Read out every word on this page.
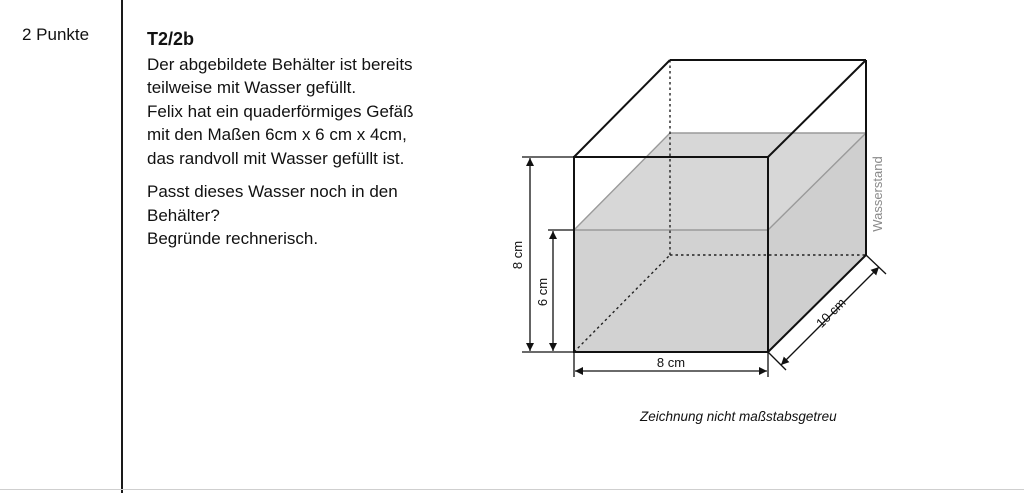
2 Punkte	T2/2b

Der abgebildete Behälter ist bereits
teilweise mit Wasser gefüllt.
Felix hat ein quaderförmiges Gefäß
mit den Maßen 6cm x 6 cm x 4cm,
das randvoll mit Wasser gefüllt ist.

Passt dieses Wasser noch in den
Behälter?
Begründe rechnerisch.

8 cm
6 cm
8 cm
10 cm
Wasserstand
Zeichnung nicht maßstabsgetreu
